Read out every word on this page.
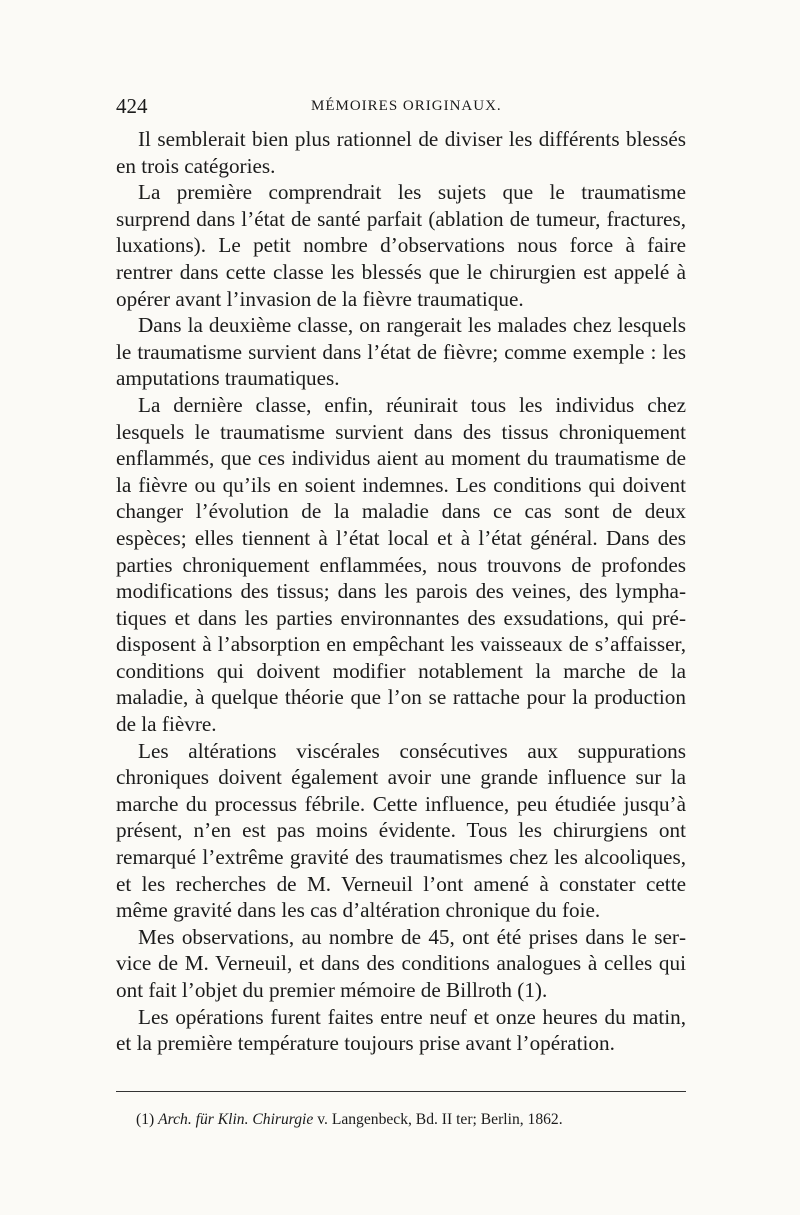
424	MÉMOIRES ORIGINAUX.

Il semblerait bien plus rationnel de diviser les différents blessés en trois catégories.

La première comprendrait les sujets que le traumatisme surprend dans l’état de santé parfait (ablation de tumeur, fractures, luxations). Le petit nombre d’observations nous force à faire rentrer dans cette classe les blessés que le chirurgien est appelé à opérer avant l’invasion de la fièvre traumatique.

Dans la deuxième classe, on rangerait les malades chez lesquels le traumatisme survient dans l’état de fièvre; comme exemple : les amputations traumatiques.

La dernière classe, enfin, réunirait tous les individus chez lesquels le traumatisme survient dans des tissus chroniquement enflammés, que ces individus aient au moment du traumatisme de la fièvre ou qu’ils en soient indemnes. Les conditions qui doivent changer l’évolution de la maladie dans ce cas sont de deux espèces; elles tiennent à l’état local et à l’état général. Dans des parties chroniquement enflammées, nous trouvons de profondes modifications des tissus; dans les parois des veines, des lymphatiques et dans les parties environnantes des exsudations, qui prédisposent à l’absorption en empêchant les vaisseaux de s’affaisser, conditions qui doivent modifier notablement la marche de la maladie, à quelque théorie que l’on se rattache pour la production de la fièvre.

Les altérations viscérales consécutives aux suppurations chroniques doivent également avoir une grande influence sur la marche du processus fébrile. Cette influence, peu étudiée jusqu’à présent, n’en est pas moins évidente. Tous les chirurgiens ont remarqué l’extrême gravité des traumatismes chez les alcooliques, et les recherches de M. Verneuil l’ont amené à constater cette même gravité dans les cas d’altération chronique du foie.

Mes observations, au nombre de 45, ont été prises dans le service de M. Verneuil, et dans des conditions analogues à celles qui ont fait l’objet du premier mémoire de Billroth (1).

Les opérations furent faites entre neuf et onze heures du matin, et la première température toujours prise avant l’opération.

(1) Arch. für Klin. Chirurgie v. Langenbeck, Bd. II ter; Berlin, 1862.
